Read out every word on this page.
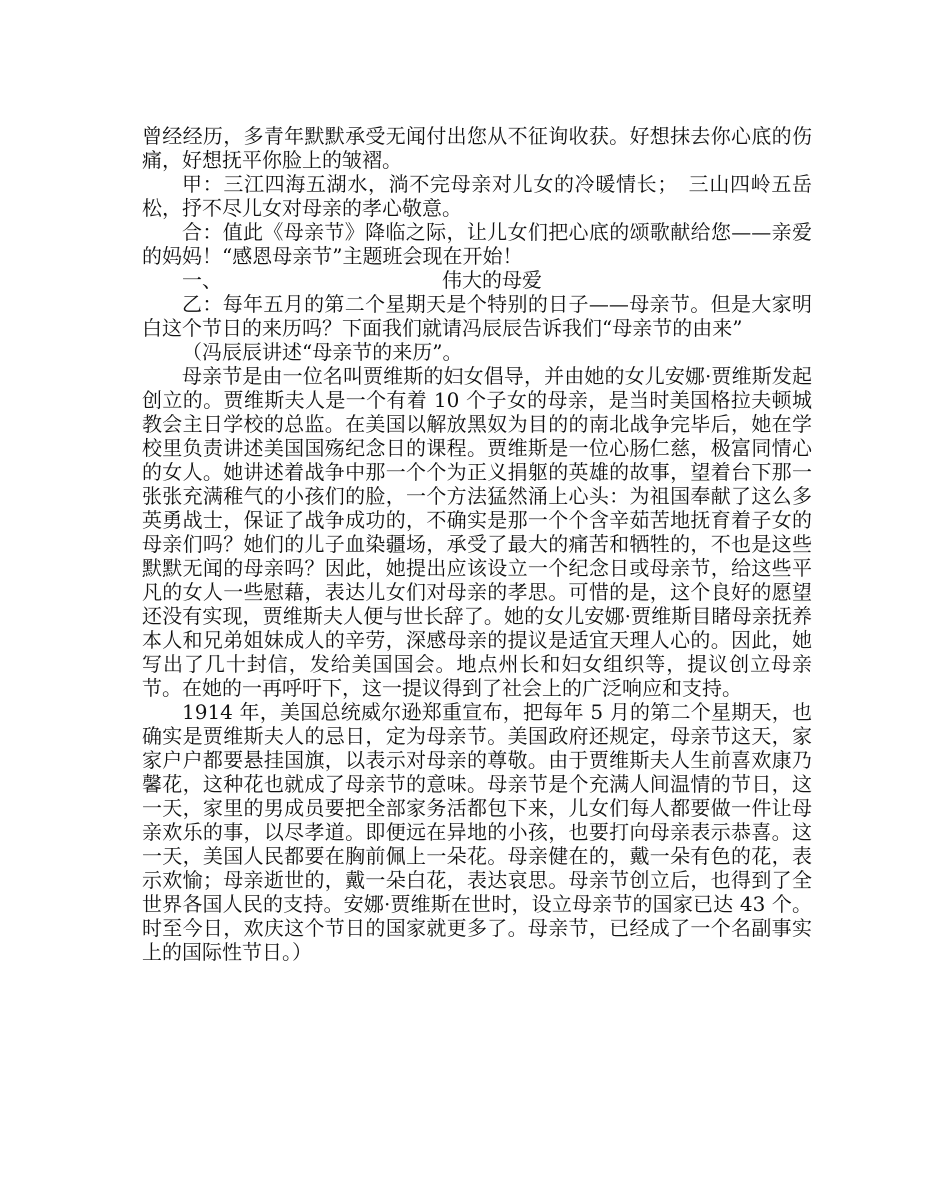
曾经经历，多青年默默承受无闻付出您从不征询收获。好想抹去你心底的伤痛，好想抚平你脸上的皱褶。

甲：三江四海五湖水，淌不完母亲对儿女的冷暖情长；　三山四岭五岳松，抒不尽儿女对母亲的孝心敬意。

合：值此《母亲节》降临之际，让儿女们把心底的颂歌献给您——亲爱的妈妈！“感恩母亲节”主题班会现在开始！

一、	伟大的母爱

乙：每年五月的第二个星期天是个特别的日子——母亲节。但是大家明白这个节日的来历吗？下面我们就请冯辰辰告诉我们“母亲节的由来”

（冯辰辰讲述“母亲节的来历”。

母亲节是由一位名叫贾维斯的妇女倡导，并由她的女儿安娜·贾维斯发起创立的。贾维斯夫人是一个有着 10 个子女的母亲，是当时美国格拉夫顿城教会主日学校的总监。在美国以解放黑奴为目的的南北战争完毕后，她在学校里负责讲述美国国殇纪念日的课程。贾维斯是一位心肠仁慈，极富同情心的女人。她讲述着战争中那一个个为正义捐躯的英雄的故事，望着台下那一张张充满稚气的小孩们的脸，一个方法猛然涌上心头：为祖国奉献了这么多英勇战士，保证了战争成功的，不确实是那一个个含辛茹苦地抚育着子女的母亲们吗？她们的儿子血染疆场，承受了最大的痛苦和牺牲的，不也是这些默默无闻的母亲吗？因此，她提出应该设立一个纪念日或母亲节，给这些平凡的女人一些慰藉，表达儿女们对母亲的孝思。可惜的是，这个良好的愿望还没有实现，贾维斯夫人便与世长辞了。她的女儿安娜·贾维斯目睹母亲抚养本人和兄弟姐妹成人的辛劳，深感母亲的提议是适宜天理人心的。因此，她写出了几十封信，发给美国国会。地点州长和妇女组织等，提议创立母亲节。在她的一再呼吁下，这一提议得到了社会上的广泛响应和支持。

1914 年，美国总统威尔逊郑重宣布，把每年 5 月的第二个星期天，也确实是贾维斯夫人的忌日，定为母亲节。美国政府还规定，母亲节这天，家家户户都要悬挂国旗，以表示对母亲的尊敬。由于贾维斯夫人生前喜欢康乃馨花，这种花也就成了母亲节的意味。母亲节是个充满人间温情的节日，这一天，家里的男成员要把全部家务活都包下来，儿女们每人都要做一件让母亲欢乐的事，以尽孝道。即便远在异地的小孩，也要打向母亲表示恭喜。这一天，美国人民都要在胸前佩上一朵花。母亲健在的，戴一朵有色的花，表示欢愉；母亲逝世的，戴一朵白花，表达哀思。母亲节创立后，也得到了全世界各国人民的支持。安娜·贾维斯在世时，设立母亲节的国家已达 43 个。时至今日，欢庆这个节日的国家就更多了。母亲节，已经成了一个名副事实上的国际性节日。）
